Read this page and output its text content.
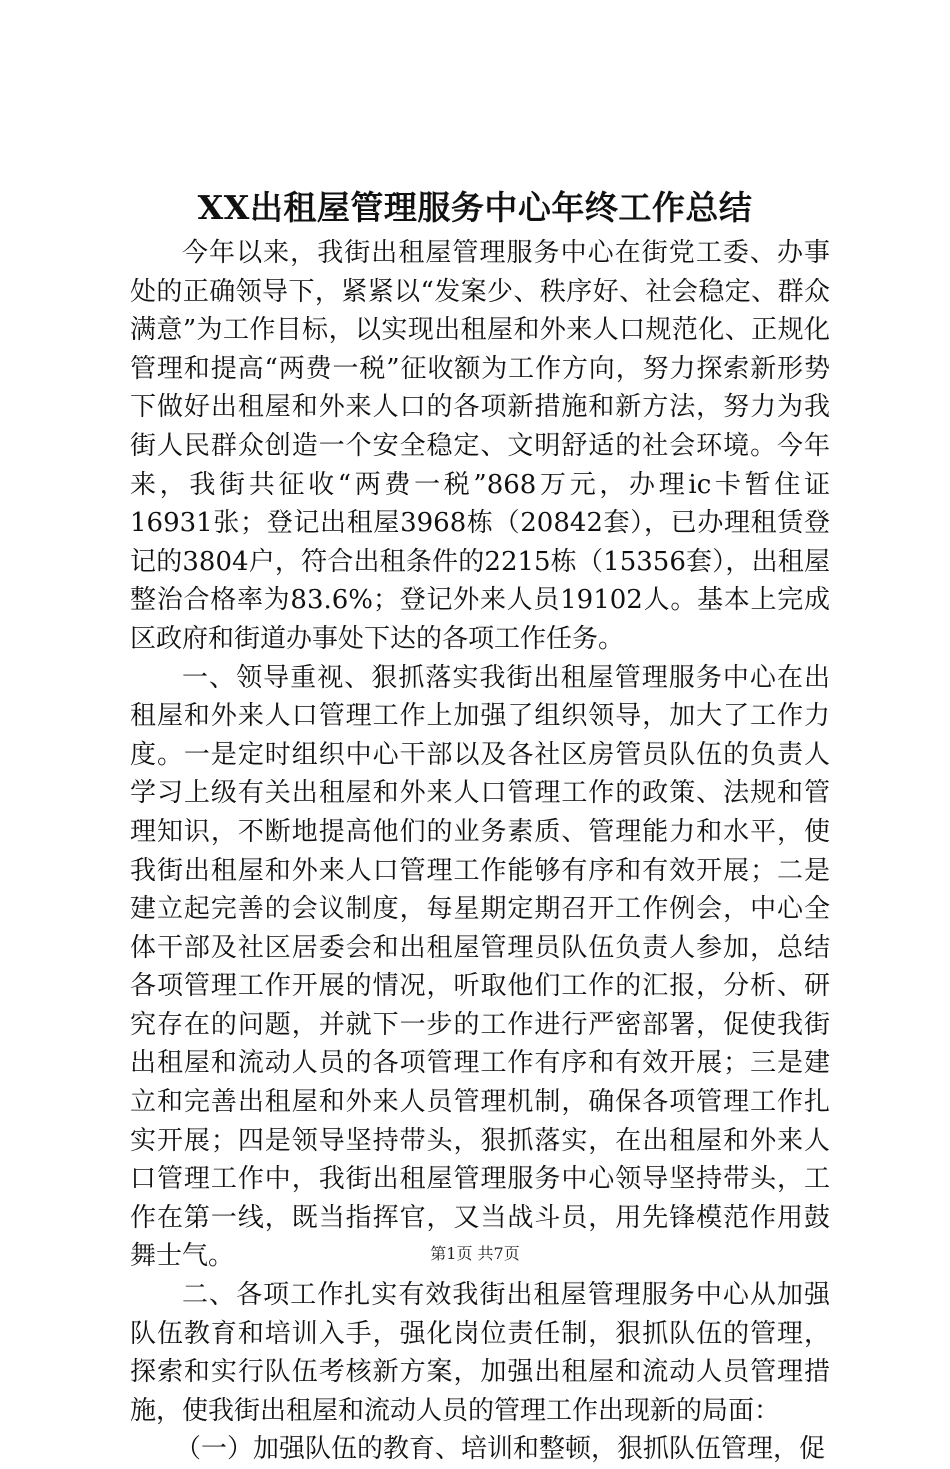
XX出租屋管理服务中心年终工作总结

今年以来，我街出租屋管理服务中心在街党工委、办事处的正确领导下，紧紧以“发案少、秩序好、社会稳定、群众满意”为工作目标，以实现出租屋和外来人口规范化、正规化管理和提高“两费一税”征收额为工作方向，努力探索新形势下做好出租屋和外来人口的各项新措施和新方法，努力为我街人民群众创造一个安全稳定、文明舒适的社会环境。今年来，我街共征收“两费一税”868万元，办理ic卡暂住证16931张；登记出租屋3968栋（20842套），已办理租赁登记的3804户，符合出租条件的2215栋（15356套），出租屋整治合格率为83.6%；登记外来人员19102人。基本上完成区政府和街道办事处下达的各项工作任务。

一、领导重视、狠抓落实我街出租屋管理服务中心在出租屋和外来人口管理工作上加强了组织领导，加大了工作力度。一是定时组织中心干部以及各社区房管员队伍的负责人学习上级有关出租屋和外来人口管理工作的政策、法规和管理知识，不断地提高他们的业务素质、管理能力和水平，使我街出租屋和外来人口管理工作能够有序和有效开展；二是建立起完善的会议制度，每星期定期召开工作例会，中心全体干部及社区居委会和出租屋管理员队伍负责人参加，总结各项管理工作开展的情况，听取他们工作的汇报，分析、研究存在的问题，并就下一步的工作进行严密部署，促使我街出租屋和流动人员的各项管理工作有序和有效开展；三是建立和完善出租屋和外来人员管理机制，确保各项管理工作扎实开展；四是领导坚持带头，狠抓落实，在出租屋和外来人口管理工作中，我街出租屋管理服务中心领导坚持带头，工作在第一线，既当指挥官，又当战斗员，用先锋模范作用鼓舞士气。

二、各项工作扎实有效我街出租屋管理服务中心从加强队伍教育和培训入手，强化岗位责任制，狠抓队伍的管理，探索和实行队伍考核新方案，加强出租屋和流动人员管理措施，使我街出租屋和流动人员的管理工作出现新的局面：

（一）加强队伍的教育、培训和整顿，狠抓队伍管理，促

第1页 共7页
